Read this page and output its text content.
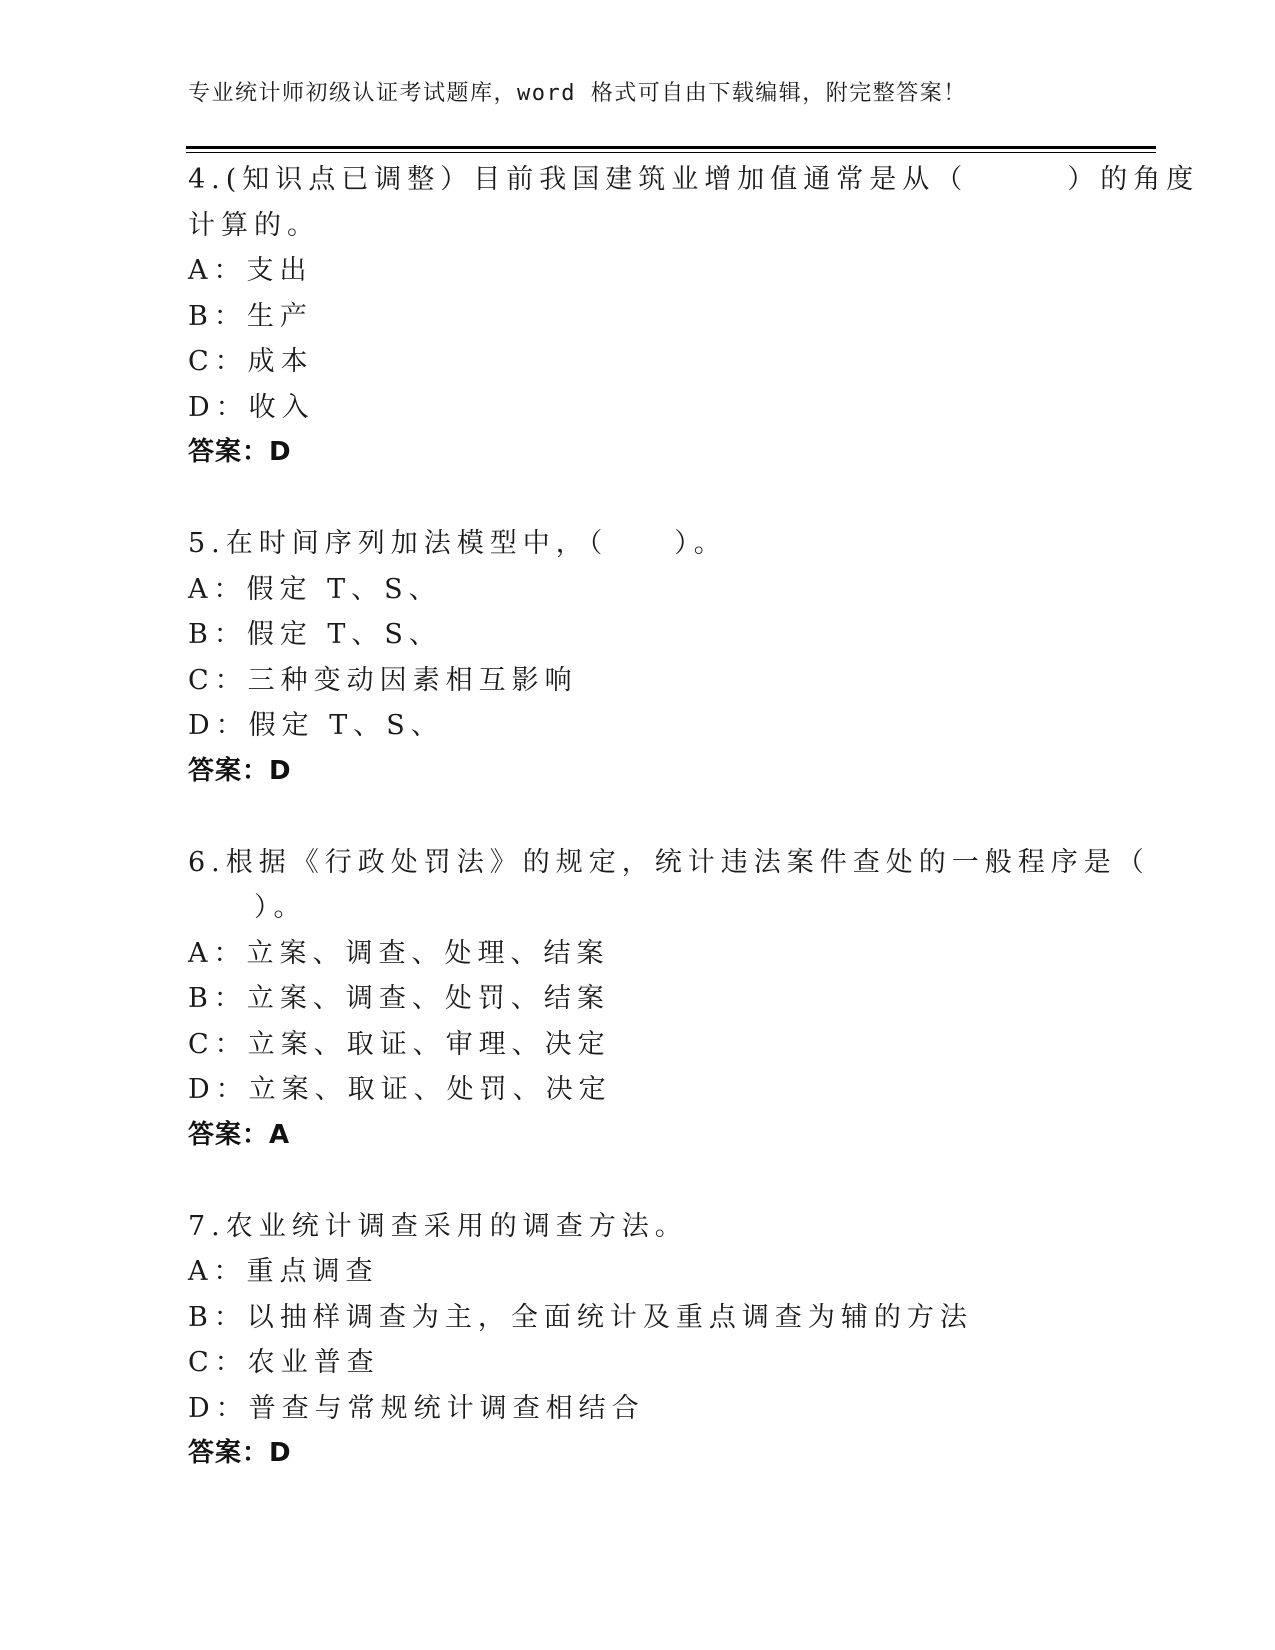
专业统计师初级认证考试题库，word 格式可自由下载编辑，附完整答案！
4.(知识点已调整）目前我国建筑业增加值通常是从（　　　）的角度
计算的。
A：支出
B：生产
C：成本
D：收入
答案：D
5.在时间序列加法模型中，（　　）。
A：假定 T、S、
B：假定 T、S、
C：三种变动因素相互影响
D：假定 T、S、
答案：D
6.根据《行政处罚法》的规定，统计违法案件查处的一般程序是（
　　）。
A：立案、调查、处理、结案
B：立案、调查、处罚、结案
C：立案、取证、审理、决定
D：立案、取证、处罚、决定
答案：A
7.农业统计调查采用的调查方法。
A：重点调查
B：以抽样调查为主，全面统计及重点调查为辅的方法
C：农业普查
D：普查与常规统计调查相结合
答案：D
